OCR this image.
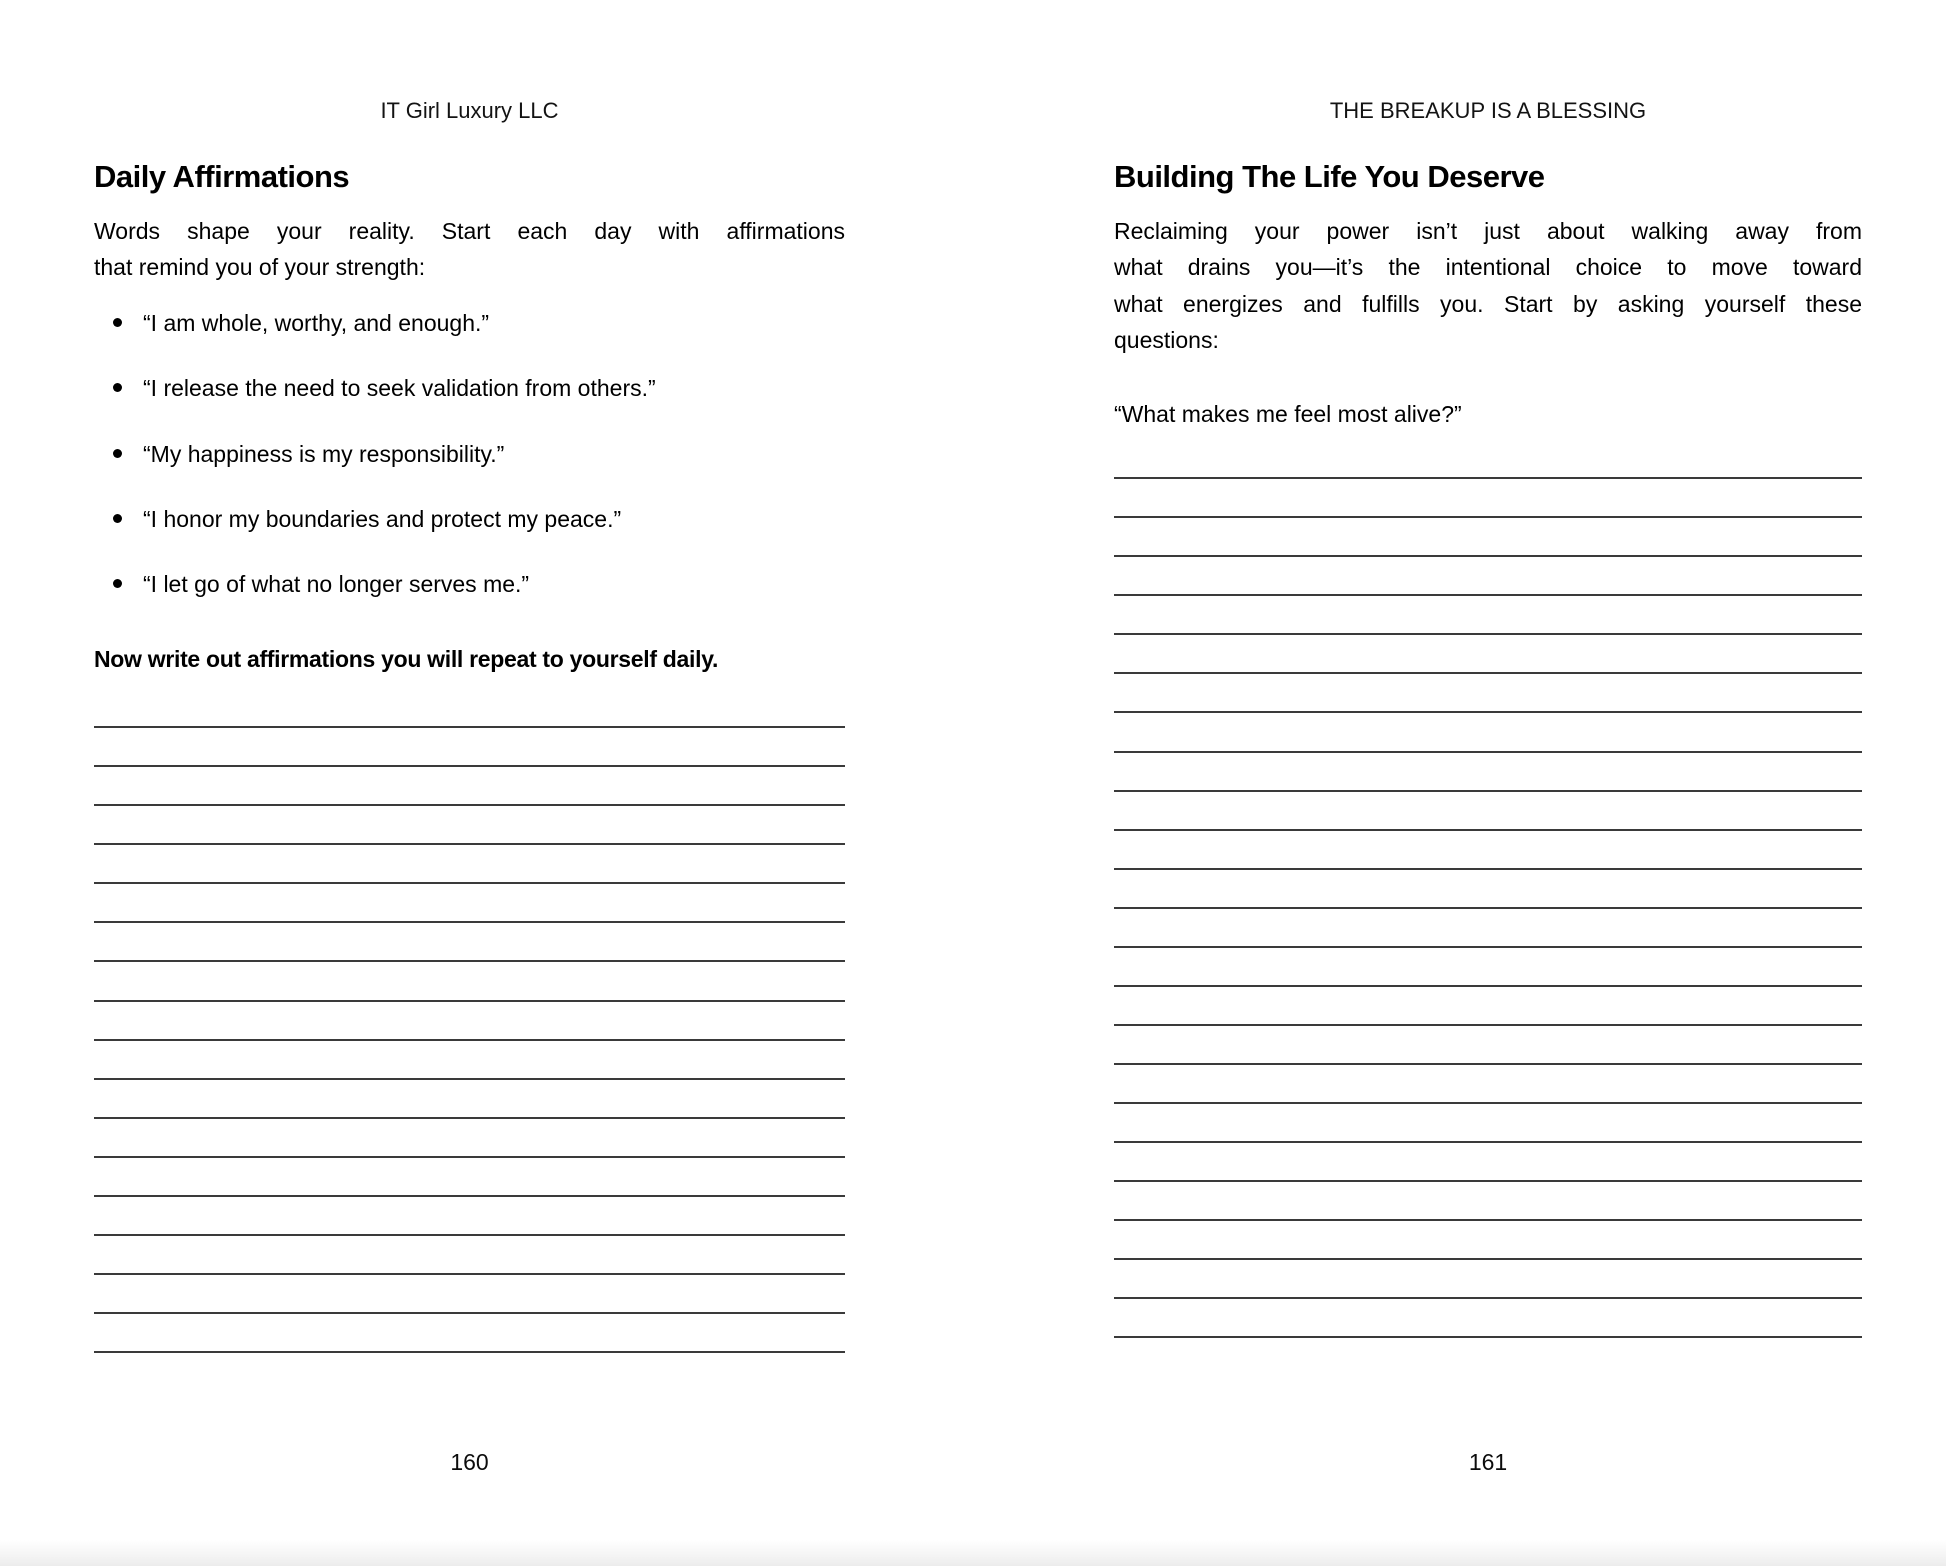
IT Girl Luxury LLC
Daily Affirmations
Words shape your reality. Start each day with affirmations
that remind you of your strength:
“I am whole, worthy, and enough.”
“I release the need to seek validation from others.”
“My happiness is my responsibility.”
“I honor my boundaries and protect my peace.”
“I let go of what no longer serves me.”
Now write out affirmations you will repeat to yourself daily.
160
THE BREAKUP IS A BLESSING
Building The Life You Deserve
Reclaiming your power isn’t just about walking away from
what drains you—it’s the intentional choice to move toward
what energizes and fulfills you. Start by asking yourself these
questions:
“What makes me feel most alive?”
161
